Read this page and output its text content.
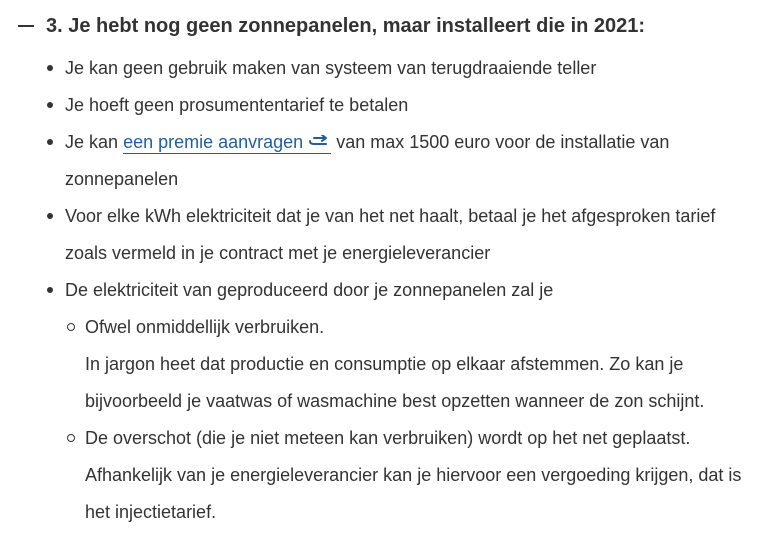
3. Je hebt nog geen zonnepanelen, maar installeert die in 2021:
Je kan geen gebruik maken van systeem van terugdraaiende teller
Je hoeft geen prosumententarief te betalen
Je kan een premie aanvragen van max 1500 euro voor de installatie van zonnepanelen
Voor elke kWh elektriciteit dat je van het net haalt, betaal je het afgesproken tarief zoals vermeld in je contract met je energieleverancier
De elektriciteit van geproduceerd door je zonnepanelen zal je
Ofwel onmiddellijk verbruiken.
In jargon heet dat productie en consumptie op elkaar afstemmen. Zo kan je bijvoorbeeld je vaatwas of wasmachine best opzetten wanneer de zon schijnt.
De overschot (die je niet meteen kan verbruiken) wordt op het net geplaatst.
Afhankelijk van je energieleverancier kan je hiervoor een vergoeding krijgen, dat is het injectietarief.
